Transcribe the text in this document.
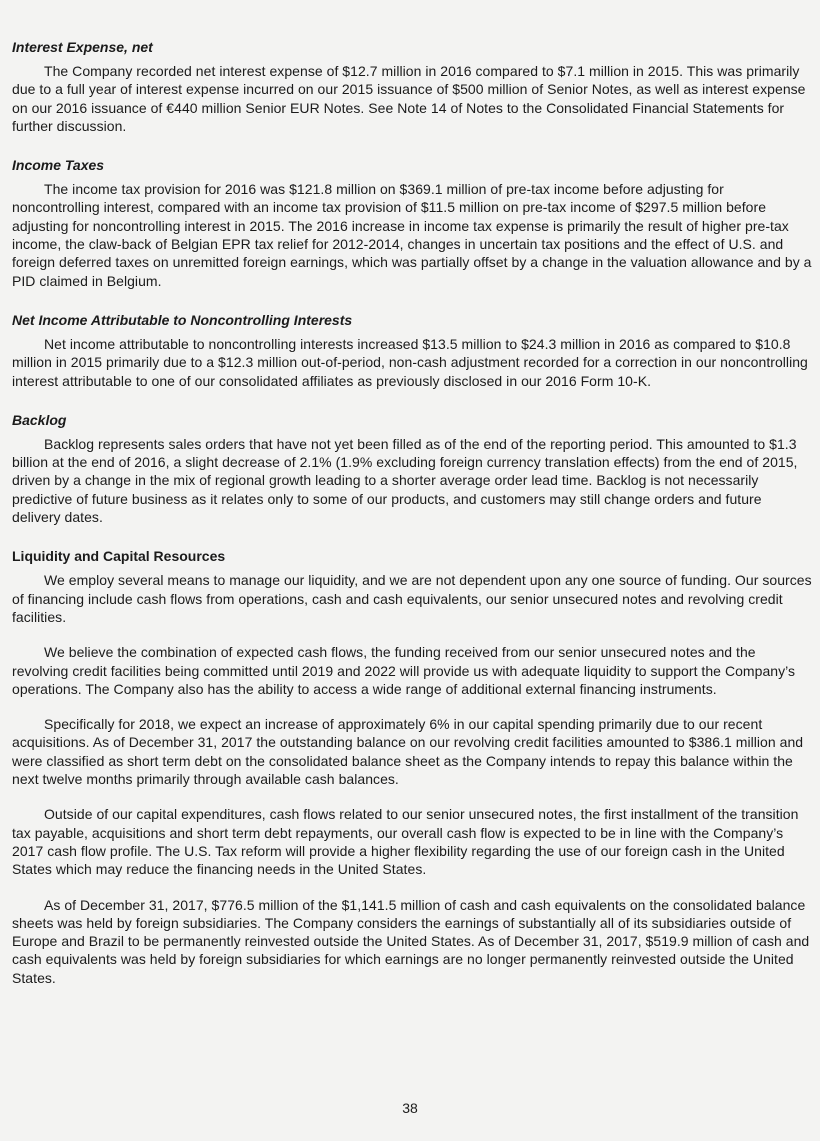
Interest Expense, net

The Company recorded net interest expense of $12.7 million in 2016 compared to $7.1 million in 2015. This was primarily due to a full year of interest expense incurred on our 2015 issuance of $500 million of Senior Notes, as well as interest expense on our 2016 issuance of €440 million Senior EUR Notes. See Note 14 of Notes to the Consolidated Financial Statements for further discussion.

Income Taxes

The income tax provision for 2016 was $121.8 million on $369.1 million of pre-tax income before adjusting for noncontrolling interest, compared with an income tax provision of $11.5 million on pre-tax income of $297.5 million before adjusting for noncontrolling interest in 2015. The 2016 increase in income tax expense is primarily the result of higher pre-tax income, the claw-back of Belgian EPR tax relief for 2012-2014, changes in uncertain tax positions and the effect of U.S. and foreign deferred taxes on unremitted foreign earnings, which was partially offset by a change in the valuation allowance and by a PID claimed in Belgium.

Net Income Attributable to Noncontrolling Interests

Net income attributable to noncontrolling interests increased $13.5 million to $24.3 million in 2016 as compared to $10.8 million in 2015 primarily due to a $12.3 million out-of-period, non-cash adjustment recorded for a correction in our noncontrolling interest attributable to one of our consolidated affiliates as previously disclosed in our 2016 Form 10-K.

Backlog

Backlog represents sales orders that have not yet been filled as of the end of the reporting period. This amounted to $1.3 billion at the end of 2016, a slight decrease of 2.1% (1.9% excluding foreign currency translation effects) from the end of 2015, driven by a change in the mix of regional growth leading to a shorter average order lead time. Backlog is not necessarily predictive of future business as it relates only to some of our products, and customers may still change orders and future delivery dates.

Liquidity and Capital Resources

We employ several means to manage our liquidity, and we are not dependent upon any one source of funding. Our sources of financing include cash flows from operations, cash and cash equivalents, our senior unsecured notes and revolving credit facilities.

We believe the combination of expected cash flows, the funding received from our senior unsecured notes and the revolving credit facilities being committed until 2019 and 2022 will provide us with adequate liquidity to support the Company’s operations. The Company also has the ability to access a wide range of additional external financing instruments.

Specifically for 2018, we expect an increase of approximately 6% in our capital spending primarily due to our recent acquisitions. As of December 31, 2017 the outstanding balance on our revolving credit facilities amounted to $386.1 million and were classified as short term debt on the consolidated balance sheet as the Company intends to repay this balance within the next twelve months primarily through available cash balances.

Outside of our capital expenditures, cash flows related to our senior unsecured notes, the first installment of the transition tax payable, acquisitions and short term debt repayments, our overall cash flow is expected to be in line with the Company’s 2017 cash flow profile. The U.S. Tax reform will provide a higher flexibility regarding the use of our foreign cash in the United States which may reduce the financing needs in the United States.

As of December 31, 2017, $776.5 million of the $1,141.5 million of cash and cash equivalents on the consolidated balance sheets was held by foreign subsidiaries. The Company considers the earnings of substantially all of its subsidiaries outside of Europe and Brazil to be permanently reinvested outside the United States. As of December 31, 2017, $519.9 million of cash and cash equivalents was held by foreign subsidiaries for which earnings are no longer permanently reinvested outside the United States.

38
